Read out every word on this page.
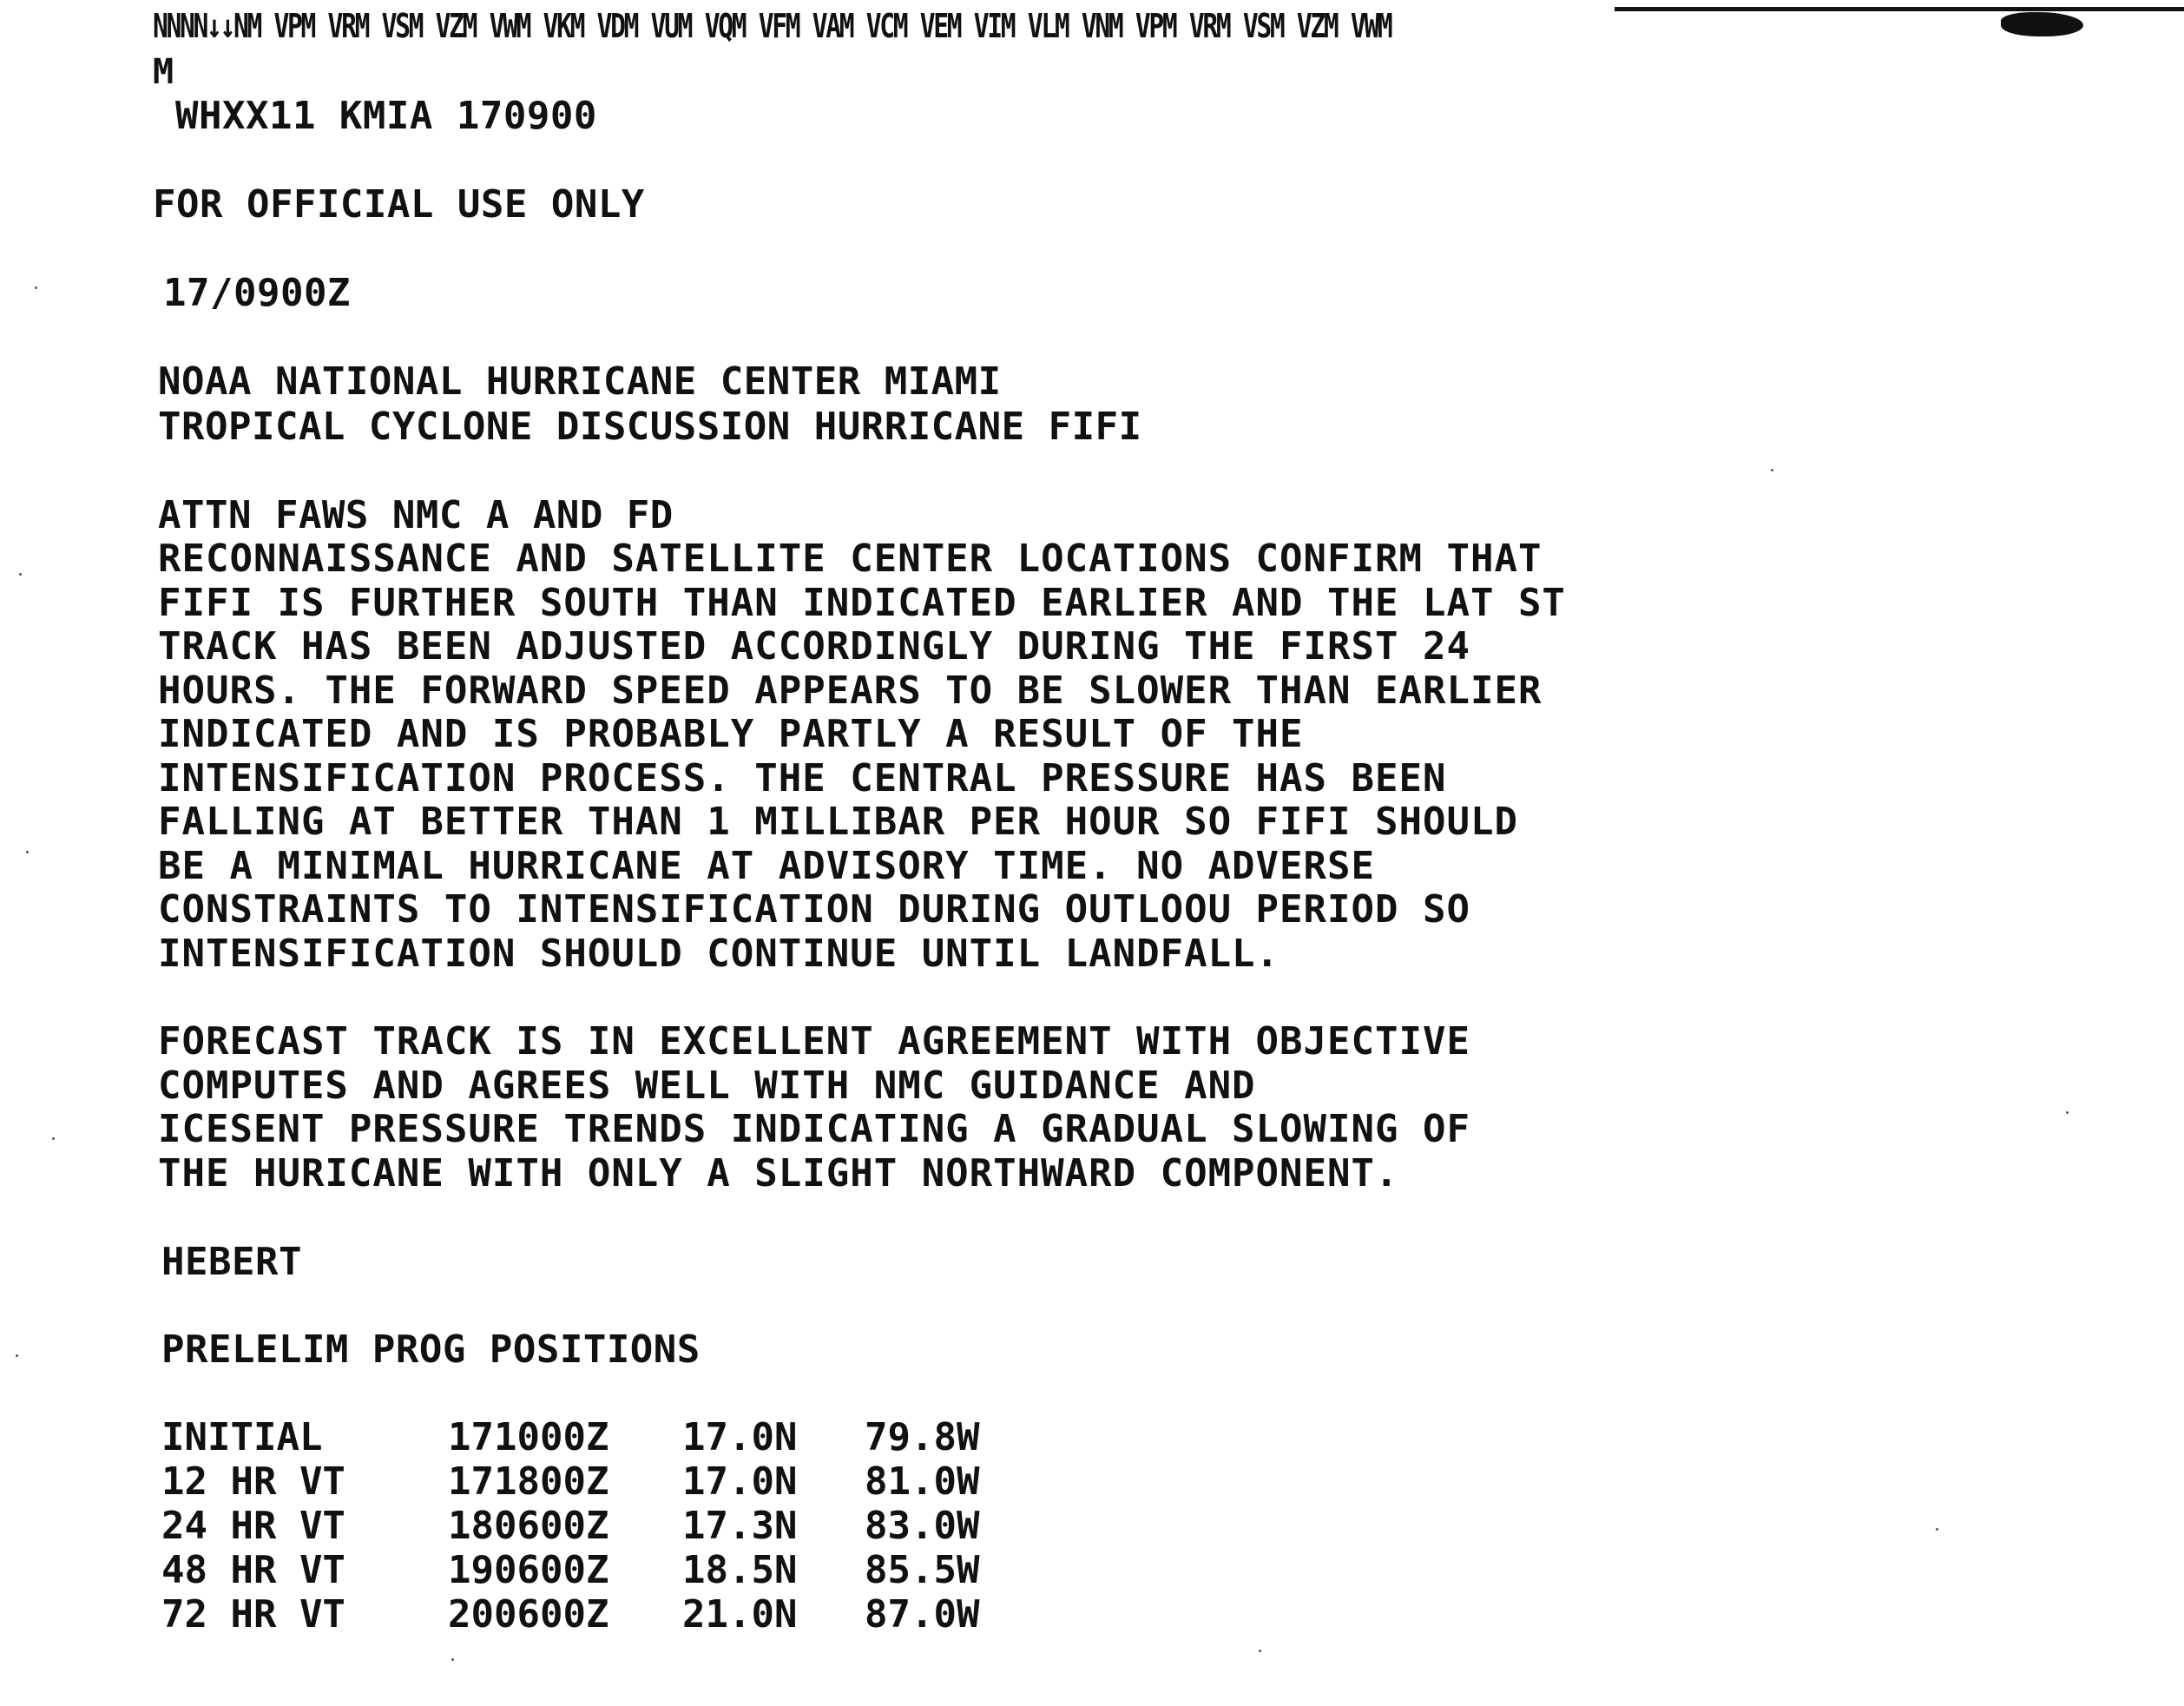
NNNN↓↓NM VPM VRM VSM VZM VWM VKM VDM VUM VQM VFM VAM VCM VEM VIM VLM VNM VPM VRM VSM VZM VWM
M
WHXX11 KMIA 170900
FOR OFFICIAL USE ONLY
17/0900Z
NOAA NATIONAL HURRICANE CENTER MIAMI
TROPICAL CYCLONE DISCUSSION HURRICANE FIFI
ATTN FAWS NMC A AND FD
RECONNAISSANCE AND SATELLITE CENTER LOCATIONS CONFIRM THAT
FIFI IS FURTHER SOUTH THAN INDICATED EARLIER AND THE LAT ST
TRACK HAS BEEN ADJUSTED ACCORDINGLY DURING THE FIRST 24
HOURS. THE FORWARD SPEED APPEARS TO BE SLOWER THAN EARLIER
INDICATED AND IS PROBABLY PARTLY A RESULT OF THE
INTENSIFICATION PROCESS. THE CENTRAL PRESSURE HAS BEEN
FALLING AT BETTER THAN 1 MILLIBAR PER HOUR SO FIFI SHOULD
BE A MINIMAL HURRICANE AT ADVISORY TIME. NO ADVERSE
CONSTRAINTS TO INTENSIFICATION DURING OUTLOOU PERIOD SO
INTENSIFICATION SHOULD CONTINUE UNTIL LANDFALL.
FORECAST TRACK IS IN EXCELLENT AGREEMENT WITH OBJECTIVE
COMPUTES AND AGREES WELL WITH NMC GUIDANCE AND
ICESENT PRESSURE TRENDS INDICATING A GRADUAL SLOWING OF
THE HURICANE WITH ONLY A SLIGHT NORTHWARD COMPONENT.
HEBERT
PRELELIM PROG POSITIONS
INITIAL	171000Z	17.0N	79.8W
12 HR VT	171800Z	17.0N	81.0W
24 HR VT	180600Z	17.3N	83.0W
48 HR VT	190600Z	18.5N	85.5W
72 HR VT	200600Z	21.0N	87.0W
